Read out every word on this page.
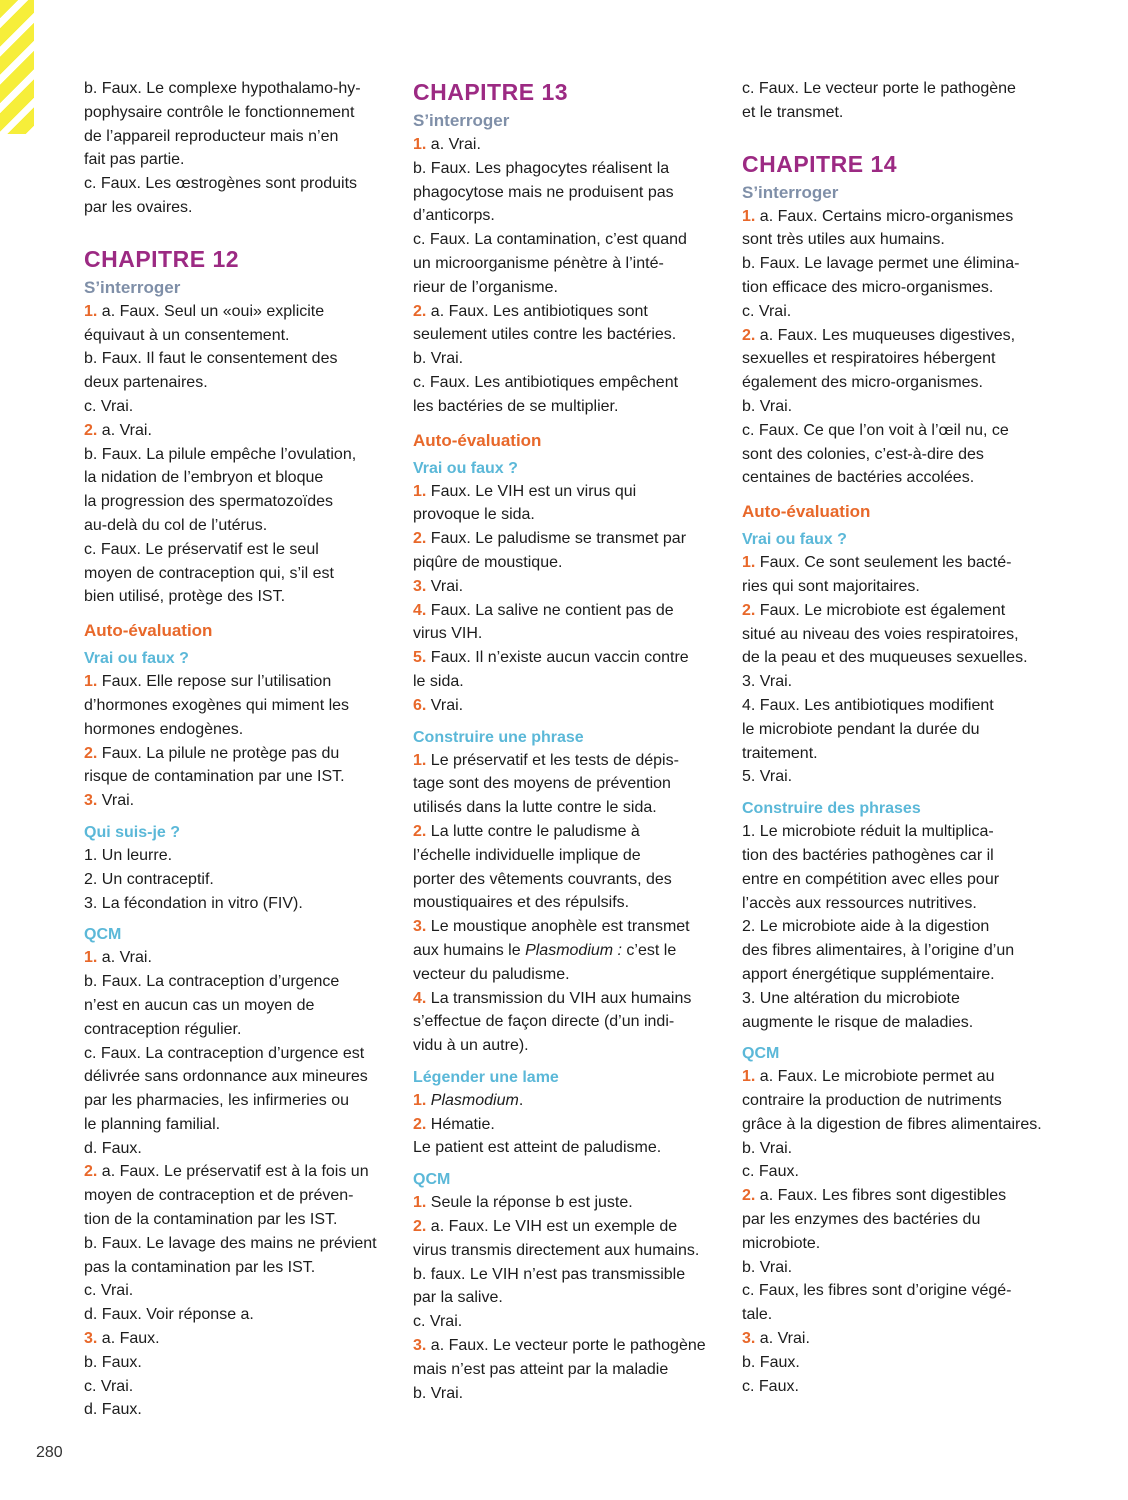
b. Faux. Le complexe hypothalamo-hy-
pophysaire contrôle le fonctionnement
de l’appareil reproducteur mais n’en
fait pas partie.
c. Faux. Les œstrogènes sont produits
par les ovaires.
CHAPITRE 12
S’interroger
1. a. Faux. Seul un «oui» explicite
équivaut à un consentement.
b. Faux. Il faut le consentement des
deux partenaires.
c. Vrai.
2. a. Vrai.
b. Faux. La pilule empêche l’ovulation,
la nidation de l’embryon et bloque
la progression des spermatozoïdes
au-delà du col de l’utérus.
c. Faux. Le préservatif est le seul
moyen de contraception qui, s’il est
bien utilisé, protège des IST.
Auto-évaluation
Vrai ou faux ?
1. Faux. Elle repose sur l’utilisation
d’hormones exogènes qui miment les
hormones endogènes.
2. Faux. La pilule ne protège pas du
risque de contamination par une IST.
3. Vrai.
Qui suis-je ?
1. Un leurre.
2. Un contraceptif.
3. La fécondation in vitro (FIV).
QCM
1. a. Vrai.
b. Faux. La contraception d’urgence
n’est en aucun cas un moyen de
contraception régulier.
c. Faux. La contraception d’urgence est
délivrée sans ordonnance aux mineures
par les pharmacies, les infirmeries ou
le planning familial.
d. Faux.
2. a. Faux. Le préservatif est à la fois un
moyen de contraception et de préven-
tion de la contamination par les IST.
b. Faux. Le lavage des mains ne prévient
pas la contamination par les IST.
c. Vrai.
d. Faux. Voir réponse a.
3. a. Faux.
b. Faux.
c. Vrai.
d. Faux.
CHAPITRE 13
S’interroger
1. a. Vrai.
b. Faux. Les phagocytes réalisent la
phagocytose mais ne produisent pas
d’anticorps.
c. Faux. La contamination, c’est quand
un microorganisme pénètre à l’inté-
rieur de l’organisme.
2. a. Faux. Les antibiotiques sont
seulement utiles contre les bactéries.
b. Vrai.
c. Faux. Les antibiotiques empêchent
les bactéries de se multiplier.
Auto-évaluation
Vrai ou faux ?
1. Faux. Le VIH est un virus qui
provoque le sida.
2. Faux. Le paludisme se transmet par
piqûre de moustique.
3. Vrai.
4. Faux. La salive ne contient pas de
virus VIH.
5. Faux. Il n’existe aucun vaccin contre
le sida.
6. Vrai.
Construire une phrase
1. Le préservatif et les tests de dépis-
tage sont des moyens de prévention
utilisés dans la lutte contre le sida.
2. La lutte contre le paludisme à
l’échelle individuelle implique de
porter des vêtements couvrants, des
moustiquaires et des répulsifs.
3. Le moustique anophèle est transmet
aux humains le Plasmodium : c’est le
vecteur du paludisme.
4. La transmission du VIH aux humains
s’effectue de façon directe (d’un indi-
vidu à un autre).
Légender une lame
1. Plasmodium.
2. Hématie.
Le patient est atteint de paludisme.
QCM
1. Seule la réponse b est juste.
2. a. Faux. Le VIH est un exemple de
virus transmis directement aux humains.
b. faux. Le VIH n’est pas transmissible
par la salive.
c. Vrai.
3. a. Faux. Le vecteur porte le pathogène
mais n’est pas atteint par la maladie
b. Vrai.
c. Faux. Le vecteur porte le pathogène
et le transmet.
CHAPITRE 14
S’interroger
1. a. Faux. Certains micro-organismes
sont très utiles aux humains.
b. Faux. Le lavage permet une élimina-
tion efficace des micro-organismes.
c. Vrai.
2. a. Faux. Les muqueuses digestives,
sexuelles et respiratoires hébergent
également des micro-organismes.
b. Vrai.
c. Faux. Ce que l’on voit à l’œil nu, ce
sont des colonies, c’est-à-dire des
centaines de bactéries accolées.
Auto-évaluation
Vrai ou faux ?
1. Faux. Ce sont seulement les bacté-
ries qui sont majoritaires.
2. Faux. Le microbiote est également
situé au niveau des voies respiratoires,
de la peau et des muqueuses sexuelles.
3. Vrai.
4. Faux. Les antibiotiques modifient
le microbiote pendant la durée du
traitement.
5. Vrai.
Construire des phrases
1. Le microbiote réduit la multiplica-
tion des bactéries pathogènes car il
entre en compétition avec elles pour
l’accès aux ressources nutritives.
2. Le microbiote aide à la digestion
des fibres alimentaires, à l’origine d’un
apport énergétique supplémentaire.
3. Une altération du microbiote
augmente le risque de maladies.
QCM
1. a. Faux. Le microbiote permet au
contraire la production de nutriments
grâce à la digestion de fibres alimentaires.
b. Vrai.
c. Faux.
2. a. Faux. Les fibres sont digestibles
par les enzymes des bactéries du
microbiote.
b. Vrai.
c. Faux, les fibres sont d’origine végé-
tale.
3. a. Vrai.
b. Faux.
c. Faux.
280
